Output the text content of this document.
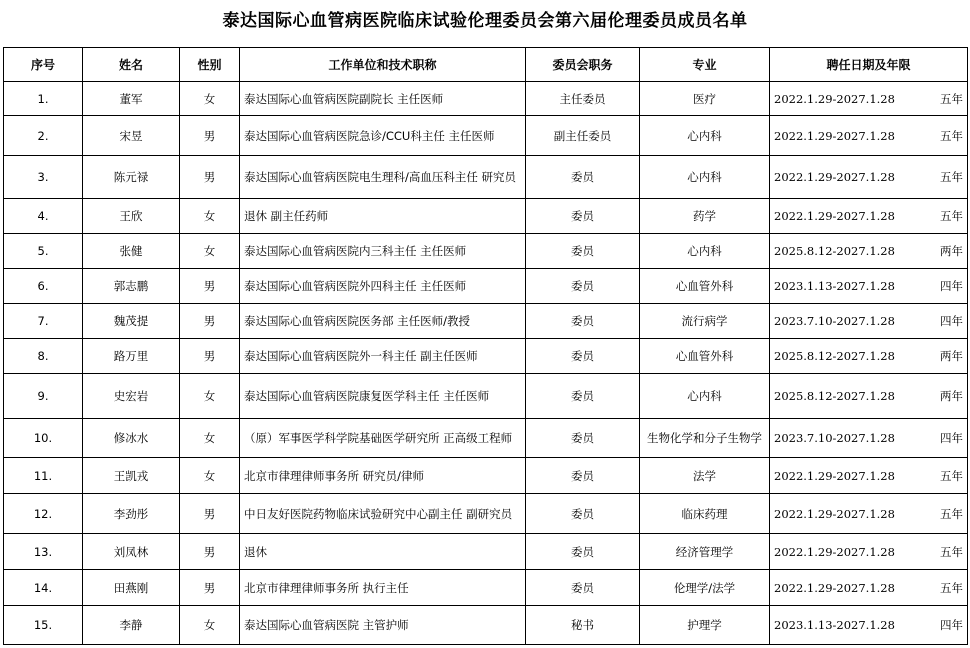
泰达国际心血管病医院临床试验伦理委员会第六届伦理委员成员名单
序号	姓名	性别	工作单位和技术职称	委员会职务	专业	聘任日期及年限
1.	董军	女	泰达国际心血管病医院副院长 主任医师	主任委员	医疗	2022.1.29-2027.1.28 五年

2.	宋昱	男	泰达国际心血管病医院急诊/CCU科主任 主任医师	副主任委员	心内科	2022.1.29-2027.1.28 五年

3.	陈元禄	男	泰达国际心血管病医院电生理科/高血压科主任 研究员	委员	心内科	2022.1.29-2027.1.28 五年

4.	王欣	女	退休 副主任药师	委员	药学	2022.1.29-2027.1.28 五年

5.	张健	女	泰达国际心血管病医院内三科主任 主任医师	委员	心内科	2025.8.12-2027.1.28 两年

6.	郭志鹏	男	泰达国际心血管病医院外四科主任 主任医师	委员	心血管外科	2023.1.13-2027.1.28 四年

7.	魏茂提	男	泰达国际心血管病医院医务部 主任医师/教授	委员	流行病学	2023.7.10-2027.1.28 四年

8.	路万里	男	泰达国际心血管病医院外一科主任 副主任医师	委员	心血管外科	2025.8.12-2027.1.28 两年

9.	史宏岩	女	泰达国际心血管病医院康复医学科主任 主任医师	委员	心内科	2025.8.12-2027.1.28 两年

10.	修冰水	女	（原）军事医学科学院基础医学研究所 正高级工程师	委员	生物化学和分子生物学	2023.7.10-2027.1.28 四年

11.	王凯戎	女	北京市律理律师事务所 研究员/律师	委员	法学	2022.1.29-2027.1.28 五年

12.	李劲彤	男	中日友好医院药物临床试验研究中心副主任 副研究员	委员	临床药理	2022.1.29-2027.1.28 五年

13.	刘凤林	男	退休	委员	经济管理学	2022.1.29-2027.1.28 五年

14.	田燕刚	男	北京市律理律师事务所 执行主任	委员	伦理学/法学	2022.1.29-2027.1.28 五年

15.	李静	女	泰达国际心血管病医院 主管护师	秘书	护理学	2023.1.13-2027.1.28 四年
